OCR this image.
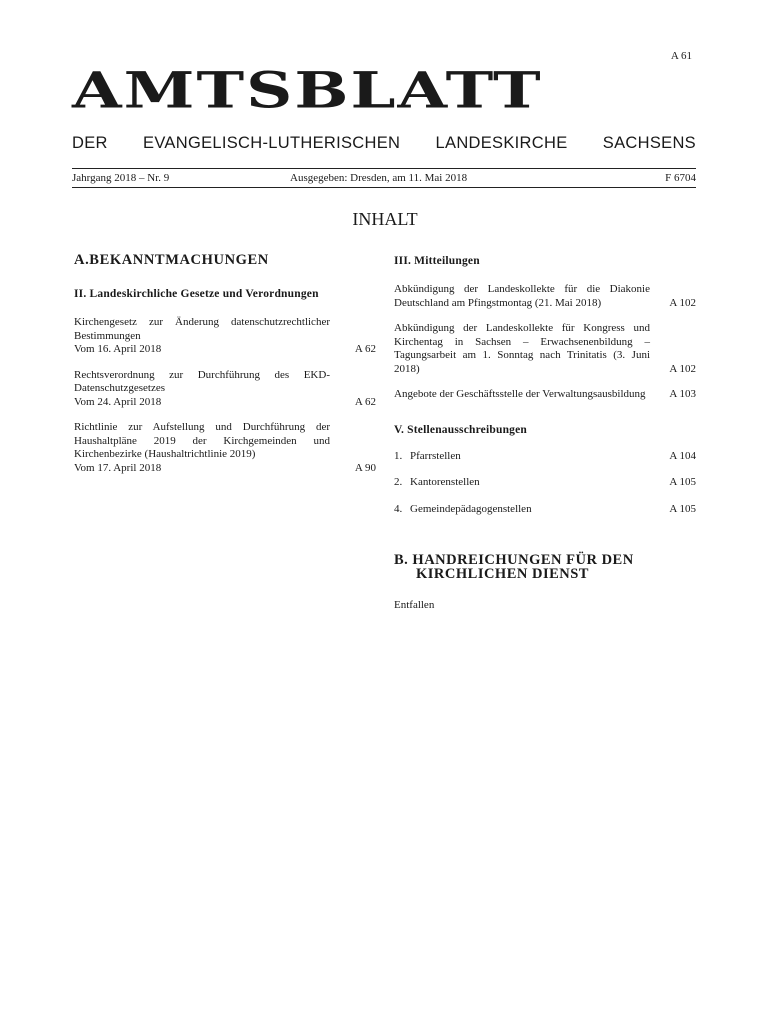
A 61
AMTSBLATT
DER EVANGELISCH-LUTHERISCHEN LANDESKIRCHE SACHSENS
Jahrgang 2018 – Nr. 9	Ausgegeben: Dresden, am 11. Mai 2018	F 6704
INHALT
A.BEKANNTMACHUNGEN
II. Landeskirchliche Gesetze und Verordnungen
Kirchengesetz zur Änderung datenschutzrechtlicher Bestimmungen
Vom 16. April 2018	A 62
Rechtsverordnung zur Durchführung des EKD-Datenschutzgesetzes
Vom 24. April 2018	A 62
Richtlinie zur Aufstellung und Durchführung der Haushaltpläne 2019 der Kirchgemeinden und Kirchenbezirke (Haushaltrichtlinie 2019)
Vom 17. April 2018	A 90
III. Mitteilungen
Abkündigung der Landeskollekte für die Diakonie Deutschland am Pfingstmontag (21. Mai 2018)	A 102
Abkündigung der Landeskollekte für Kongress und Kirchentag in Sachsen – Erwachsenenbildung – Tagungsarbeit am 1. Sonntag nach Trinitatis (3. Juni 2018)	A 102
Angebote der Geschäftsstelle der Verwaltungsausbildung	A 103
V. Stellenausschreibungen
1. Pfarrstellen	A 104
2. Kantorenstellen	A 105
4. Gemeindepädagogenstellen	A 105
B. HANDREICHUNGEN FÜR DEN
KIRCHLICHEN DIENST
Entfallen
